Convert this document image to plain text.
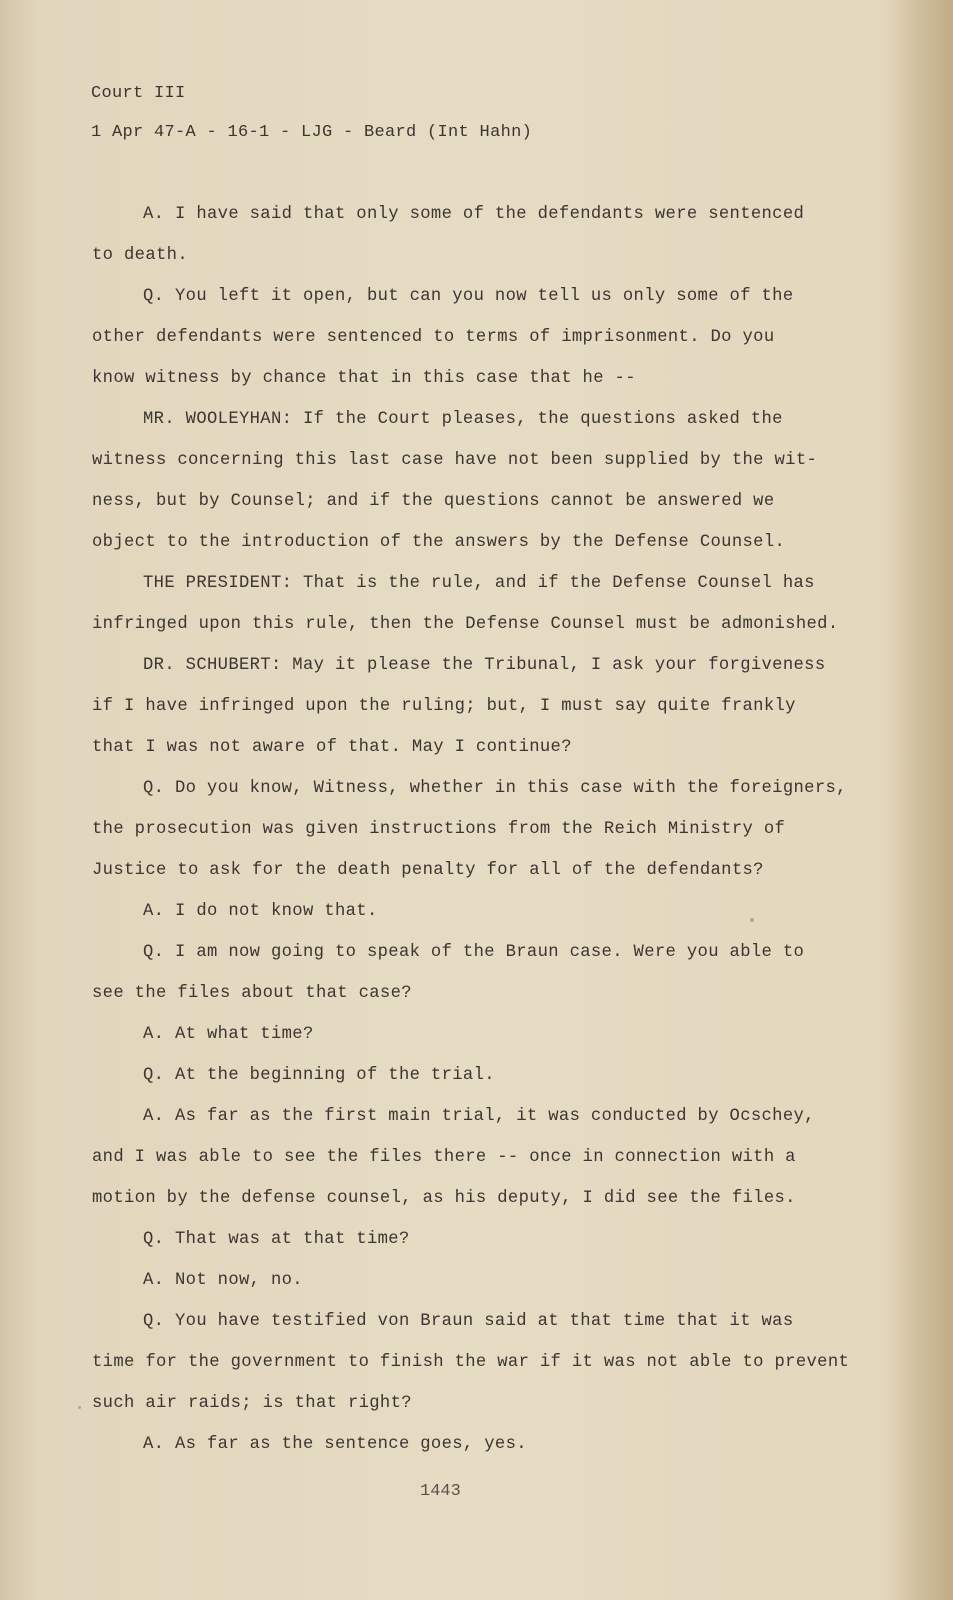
Court III
1 Apr 47-A - 16-1 - LJG - Beard (Int Hahn)
A. I have said that only some of the defendants were sentenced
to death.
Q. You left it open, but can you now tell us only some of the
other defendants were sentenced to terms of imprisonment. Do you
know witness by chance that in this case that he --
MR. WOOLEYHAN: If the Court pleases, the questions asked the
witness concerning this last case have not been supplied by the wit-
ness, but by Counsel; and if the questions cannot be answered we
object to the introduction of the answers by the Defense Counsel.
THE PRESIDENT: That is the rule, and if the Defense Counsel has
infringed upon this rule, then the Defense Counsel must be admonished.
DR. SCHUBERT: May it please the Tribunal, I ask your forgiveness
if I have infringed upon the ruling; but, I must say quite frankly
that I was not aware of that. May I continue?
Q. Do you know, Witness, whether in this case with the foreigners,
the prosecution was given instructions from the Reich Ministry of
Justice to ask for the death penalty for all of the defendants?
A. I do not know that.
Q. I am now going to speak of the Braun case. Were you able to
see the files about that case?
A. At what time?
Q. At the beginning of the trial.
A. As far as the first main trial, it was conducted by Ocschey,
and I was able to see the files there -- once in connection with a
motion by the defense counsel, as his deputy, I did see the files.
Q. That was at that time?
A. Not now, no.
Q. You have testified von Braun said at that time that it was
time for the government to finish the war if it was not able to prevent
such air raids; is that right?
A. As far as the sentence goes, yes.
1443
